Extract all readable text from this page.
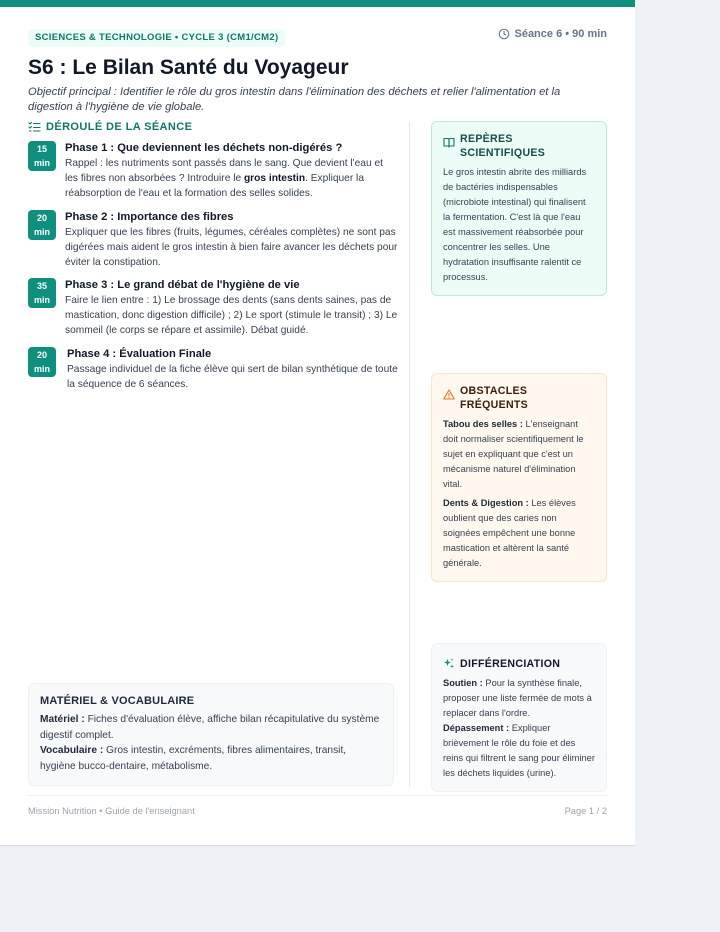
SCIENCES & TECHNOLOGIE • CYCLE 3 (CM1/CM2)	Séance 6 • 90 min
S6 : Le Bilan Santé du Voyageur

Objectif principal : Identifier le rôle du gros intestin dans l'élimination des déchets et relier l'alimentation et la digestion à l'hygiène de vie globale.

DÉROULÉ DE LA SÉANCE
15
min
Phase 1 : Que deviennent les déchets non-digérés ?
Rappel : les nutriments sont passés dans le sang. Que devient l'eau et les fibres non absorbées ? Introduire le gros intestin. Expliquer la réabsorption de l'eau et la formation des selles solides.
20
min
Phase 2 : Importance des fibres
Expliquer que les fibres (fruits, légumes, céréales complètes) ne sont pas digérées mais aident le gros intestin à bien faire avancer les déchets pour éviter la constipation.
35
min
Phase 3 : Le grand débat de l'hygiène de vie
Faire le lien entre : 1) Le brossage des dents (sans dents saines, pas de mastication, donc digestion difficile) ; 2) Le sport (stimule le transit) ; 3) Le sommeil (le corps se répare et assimile). Débat guidé.
20
min
Phase 4 : Évaluation Finale
Passage individuel de la fiche élève qui sert de bilan synthétique de toute la séquence de 6 séances.
REPÈRES SCIENTIFIQUES
Le gros intestin abrite des milliards de bactéries indispensables (microbiote intestinal) qui finalisent la fermentation. C'est là que l'eau est massivement réabsorbée pour concentrer les selles. Une hydratation insuffisante ralentit ce processus.
OBSTACLES FRÉQUENTS

Tabou des selles : L'enseignant doit normaliser scientifiquement le sujet en expliquant que c'est un mécanisme naturel d'élimination vital.

Dents & Digestion : Les élèves oublient que des caries non soignées empêchent une bonne mastication et altèrent la santé générale.

DIFFÉRENCIATION
Soutien : Pour la synthèse finale, proposer une liste fermée de mots à replacer dans l'ordre.
Dépassement : Expliquer brièvement le rôle du foie et des reins qui filtrent le sang pour éliminer les déchets liquides (urine).
MATÉRIEL & VOCABULAIRE
Matériel : Fiches d'évaluation élève, affiche bilan récapitulative du système digestif complet.
Vocabulaire : Gros intestin, excréments, fibres alimentaires, transit, hygiène bucco-dentaire, métabolisme.
Mission Nutrition • Guide de l'enseignant	Page 1 / 2
